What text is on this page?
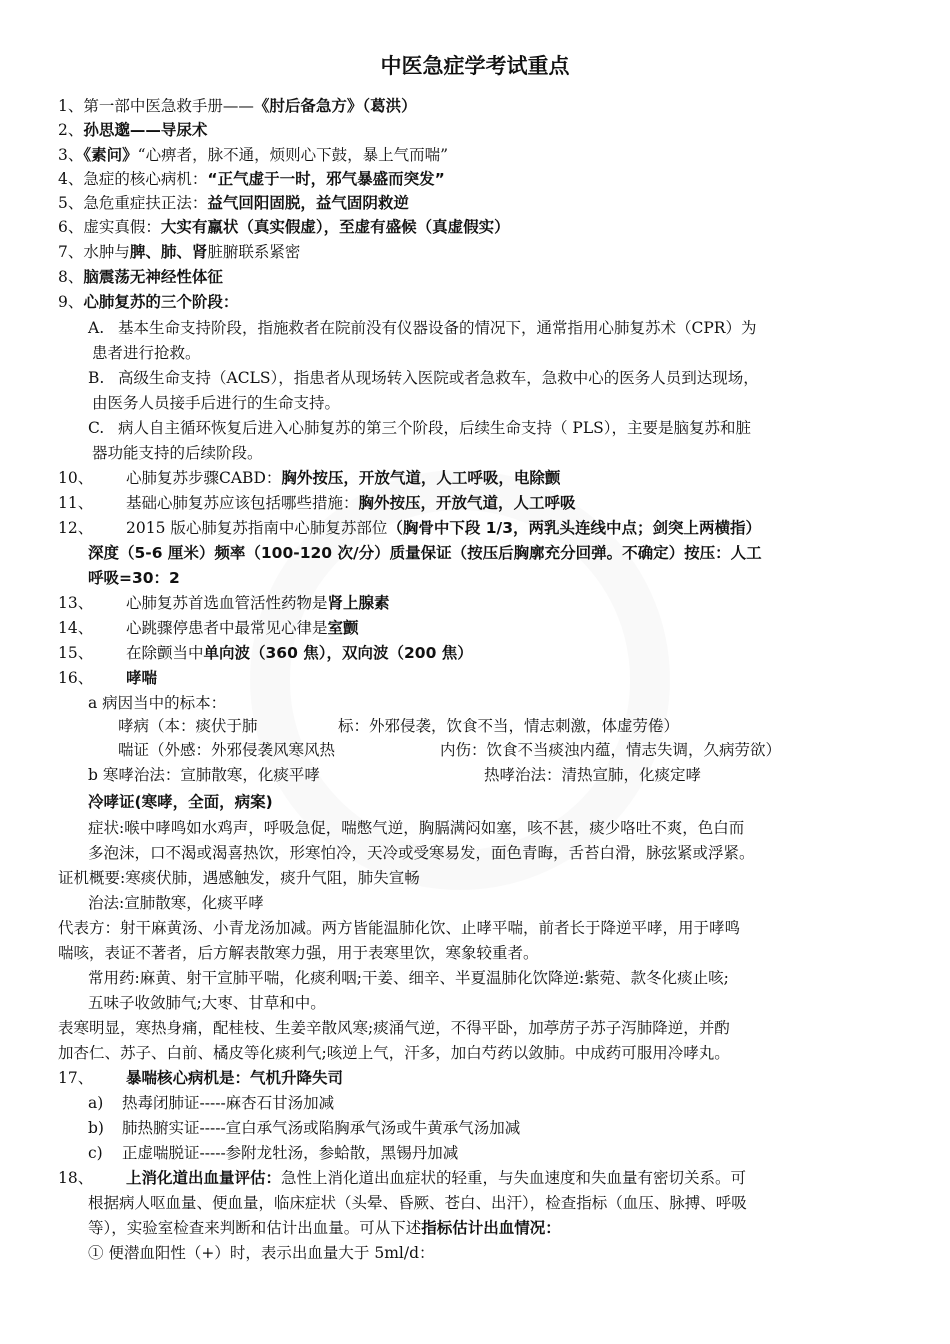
中医急症学考试重点
1、第一部中医急救手册——《肘后备急方》（葛洪）
2、孙思邈——导尿术
3、《素问》“心痹者，脉不通，烦则心下鼓，暴上气而喘”
4、急症的核心病机：“正气虚于一时，邪气暴盛而突发”
5、急危重症扶正法：益气回阳固脱，益气固阴救逆
6、虚实真假：大实有羸状（真实假虚），至虚有盛候（真虚假实）
7、水肿与脾、肺、肾脏腑联系紧密
8、脑震荡无神经性体征
9、心肺复苏的三个阶段：
A. 基本生命支持阶段，指施救者在院前没有仪器设备的情况下，通常指用心肺复苏术（CPR）为
患者进行抢救。
B. 高级生命支持（ACLS），指患者从现场转入医院或者急救车，急救中心的医务人员到达现场，
由医务人员接手后进行的生命支持。
C. 病人自主循环恢复后进入心肺复苏的第三个阶段，后续生命支持（ PLS），主要是脑复苏和脏
器功能支持的后续阶段。
10、 心肺复苏步骤CABD：胸外按压，开放气道，人工呼吸，电除颤
11、 基础心肺复苏应该包括哪些措施：胸外按压，开放气道，人工呼吸
12、 2015 版心肺复苏指南中心肺复苏部位（胸骨中下段 1/3，两乳头连线中点；剑突上两横指）
深度（5-6 厘米）频率（100-120 次/分）质量保证（按压后胸廓充分回弹。不确定）按压：人工
呼吸=30：2
13、 心肺复苏首选血管活性药物是肾上腺素
14、 心跳骤停患者中最常见心律是室颤
15、 在除颤当中单向波（360 焦），双向波（200 焦）
16、 哮喘
a 病因当中的标本：
哮病（本：痰伏于肺	标：外邪侵袭，饮食不当，情志刺激，体虚劳倦）
喘证（外感：外邪侵袭风寒风热	内伤：饮食不当痰浊内蕴，情志失调，久病劳欲）
b 寒哮治法：宣肺散寒，化痰平哮	热哮治法：清热宣肺，化痰定哮
冷哮证(寒哮，全面，病案)
症状:喉中哮鸣如水鸡声，呼吸急促，喘憋气逆，胸膈满闷如塞，咳不甚，痰少咯吐不爽，色白而
多泡沫，口不渴或渴喜热饮，形寒怕冷，天冷或受寒易发，面色青晦，舌苔白滑，脉弦紧或浮紧。
证机概要:寒痰伏肺，遇感触发，痰升气阻，肺失宣畅
治法:宣肺散寒，化痰平哮
代表方：射干麻黄汤、小青龙汤加减。两方皆能温肺化饮、止哮平喘，前者长于降逆平哮，用于哮鸣
喘咳，表证不著者，后方解表散寒力强，用于表寒里饮，寒象较重者。
常用药:麻黄、射干宣肺平喘，化痰利咽;干姜、细辛、半夏温肺化饮降逆:紫菀、款冬化痰止咳;
五味子收敛肺气;大枣、甘草和中。
表寒明显，寒热身痛，配桂枝、生姜辛散风寒;痰涌气逆，不得平卧，加葶苈子苏子泻肺降逆，并酌
加杏仁、苏子、白前、橘皮等化痰利气;咳逆上气，汗多，加白芍药以敛肺。中成药可服用冷哮丸。
17、 暴喘核心病机是：气机升降失司
a) 热毒闭肺证-----麻杏石甘汤加减
b) 肺热腑实证-----宣白承气汤或陷胸承气汤或牛黄承气汤加减
c) 正虚喘脱证-----参附龙牡汤，参蛤散，黑锡丹加减
18、 上消化道出血量评估：急性上消化道出血症状的轻重，与失血速度和失血量有密切关系。可
根据病人呕血量、便血量，临床症状（头晕、昏厥、苍白、出汗），检查指标（血压、脉搏、呼吸
等），实验室检查来判断和估计出血量。可从下述指标估计出血情况：
① 便潜血阳性（+）时，表示出血量大于 5ml/d：
